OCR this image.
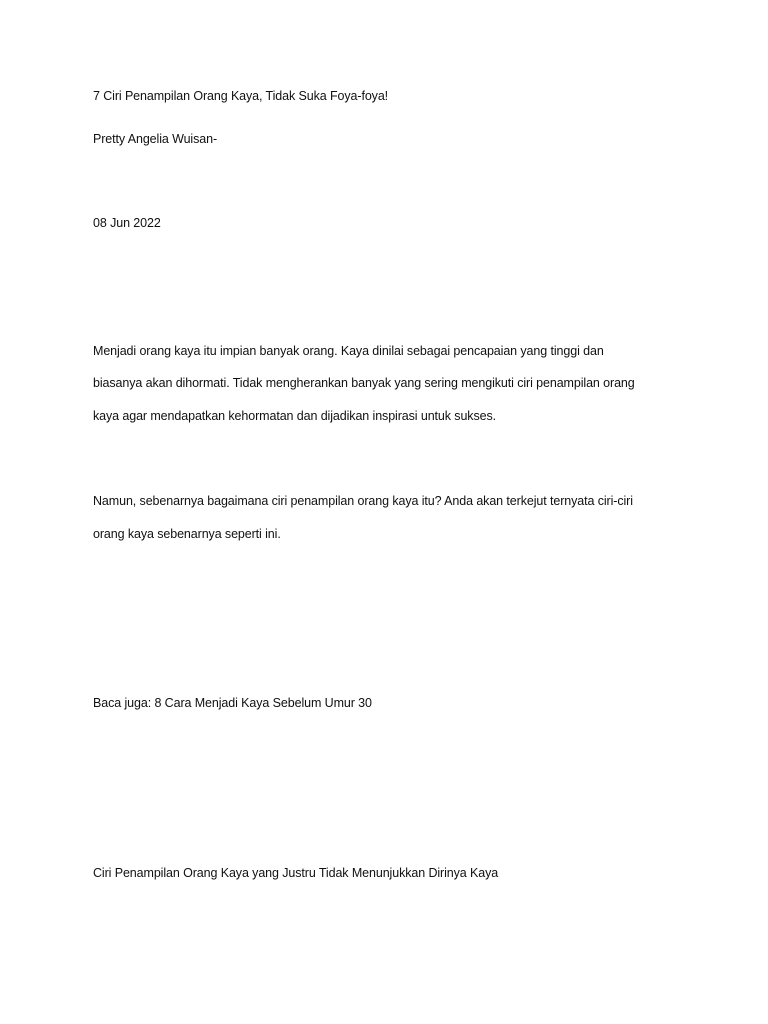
7 Ciri Penampilan Orang Kaya, Tidak Suka Foya-foya!
Pretty Angelia Wuisan-
08 Jun 2022
Menjadi orang kaya itu impian banyak orang. Kaya dinilai sebagai pencapaian yang tinggi dan
biasanya akan dihormati. Tidak mengherankan banyak yang sering mengikuti ciri penampilan orang
kaya agar mendapatkan kehormatan dan dijadikan inspirasi untuk sukses.
Namun, sebenarnya bagaimana ciri penampilan orang kaya itu? Anda akan terkejut ternyata ciri-ciri
orang kaya sebenarnya seperti ini.
Baca juga: 8 Cara Menjadi Kaya Sebelum Umur 30
Ciri Penampilan Orang Kaya yang Justru Tidak Menunjukkan Dirinya Kaya
